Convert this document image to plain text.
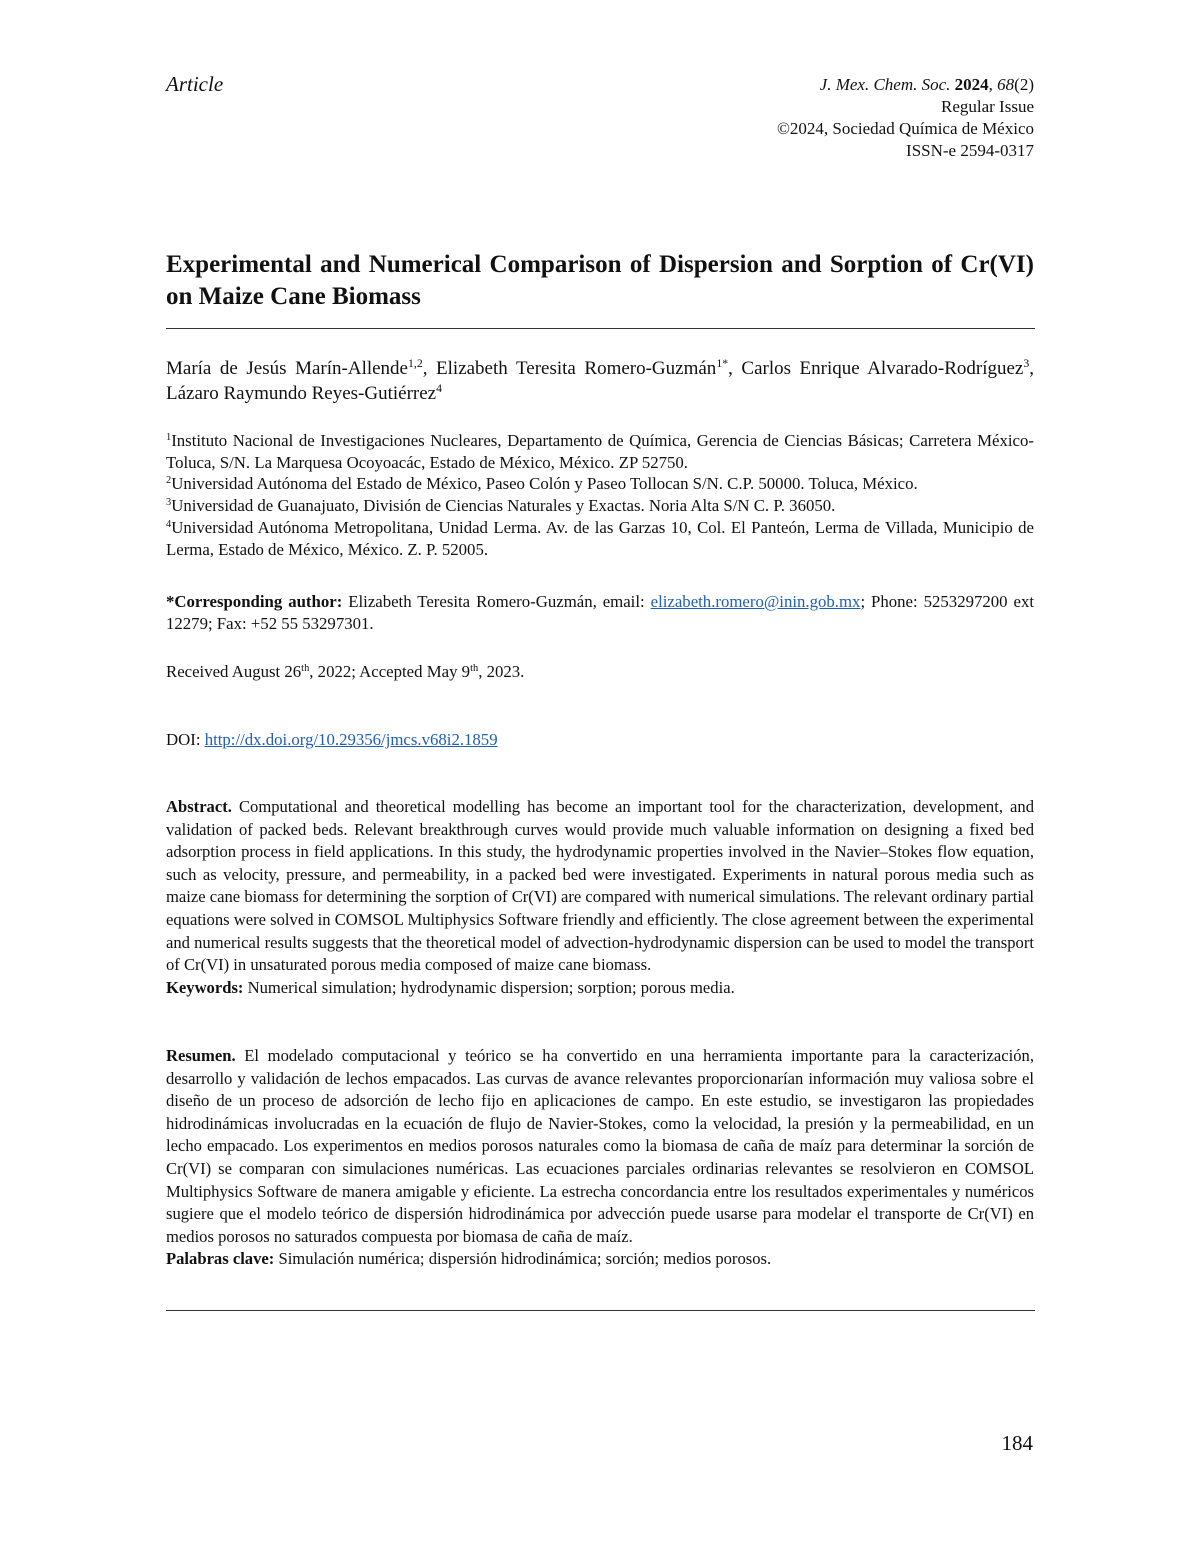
Article	J. Mex. Chem. Soc. 2024, 68(2)
Regular Issue
©2024, Sociedad Química de México
ISSN-e 2594-0317
Experimental and Numerical Comparison of Dispersion and Sorption of Cr(VI) on Maize Cane Biomass
María de Jesús Marín-Allende$^{1,2}$, Elizabeth Teresita Romero-Guzmán$^{1*}$, Carlos Enrique Alvarado-Rodríguez$^3$, Lázaro Raymundo Reyes-Gutiérrez$^4$

$^1$Instituto Nacional de Investigaciones Nucleares, Departamento de Química, Gerencia de Ciencias Básicas; Carretera México-Toluca, S/N. La Marquesa Ocoyoacác, Estado de México, México. ZP 52750.

$^2$Universidad Autónoma del Estado de México, Paseo Colón y Paseo Tollocan S/N. C.P. 50000. Toluca, México.

$^3$Universidad de Guanajuato, División de Ciencias Naturales y Exactas. Noria Alta S/N C. P. 36050.

$^4$Universidad Autónoma Metropolitana, Unidad Lerma. Av. de las Garzas 10, Col. El Panteón, Lerma de Villada, Municipio de Lerma, Estado de México, México. Z. P. 52005.

*Corresponding author: Elizabeth Teresita Romero-Guzmán, email: elizabeth.romero@inin.gob.mx; Phone: 5253297200 ext 12279; Fax: +52 55 53297301.
Received August 26th, 2022; Accepted May 9th, 2023.
DOI: http://dx.doi.org/10.29356/jmcs.v68i2.1859

Abstract. Computational and theoretical modelling has become an important tool for the characterization, development, and validation of packed beds. Relevant breakthrough curves would provide much valuable information on designing a fixed bed adsorption process in field applications. In this study, the hydrodynamic properties involved in the Navier–Stokes flow equation, such as velocity, pressure, and permeability, in a packed bed were investigated. Experiments in natural porous media such as maize cane biomass for determining the sorption of Cr(VI) are compared with numerical simulations. The relevant ordinary partial equations were solved in COMSOL Multiphysics Software friendly and efficiently. The close agreement between the experimental and numerical results suggests that the theoretical model of advection-hydrodynamic dispersion can be used to model the transport of Cr(VI) in unsaturated porous media composed of maize cane biomass.

Keywords: Numerical simulation; hydrodynamic dispersion; sorption; porous media.

Resumen. El modelado computacional y teórico se ha convertido en una herramienta importante para la caracterización, desarrollo y validación de lechos empacados. Las curvas de avance relevantes proporcionarían información muy valiosa sobre el diseño de un proceso de adsorción de lecho fijo en aplicaciones de campo. En este estudio, se investigaron las propiedades hidrodinámicas involucradas en la ecuación de flujo de Navier-Stokes, como la velocidad, la presión y la permeabilidad, en un lecho empacado. Los experimentos en medios porosos naturales como la biomasa de caña de maíz para determinar la sorción de Cr(VI) se comparan con simulaciones numéricas. Las ecuaciones parciales ordinarias relevantes se resolvieron en COMSOL Multiphysics Software de manera amigable y eficiente. La estrecha concordancia entre los resultados experimentales y numéricos sugiere que el modelo teórico de dispersión hidrodinámica por advección puede usarse para modelar el transporte de Cr(VI) en medios porosos no saturados compuesta por biomasa de caña de maíz.

Palabras clave: Simulación numérica; dispersión hidrodinámica; sorción; medios porosos.

184
